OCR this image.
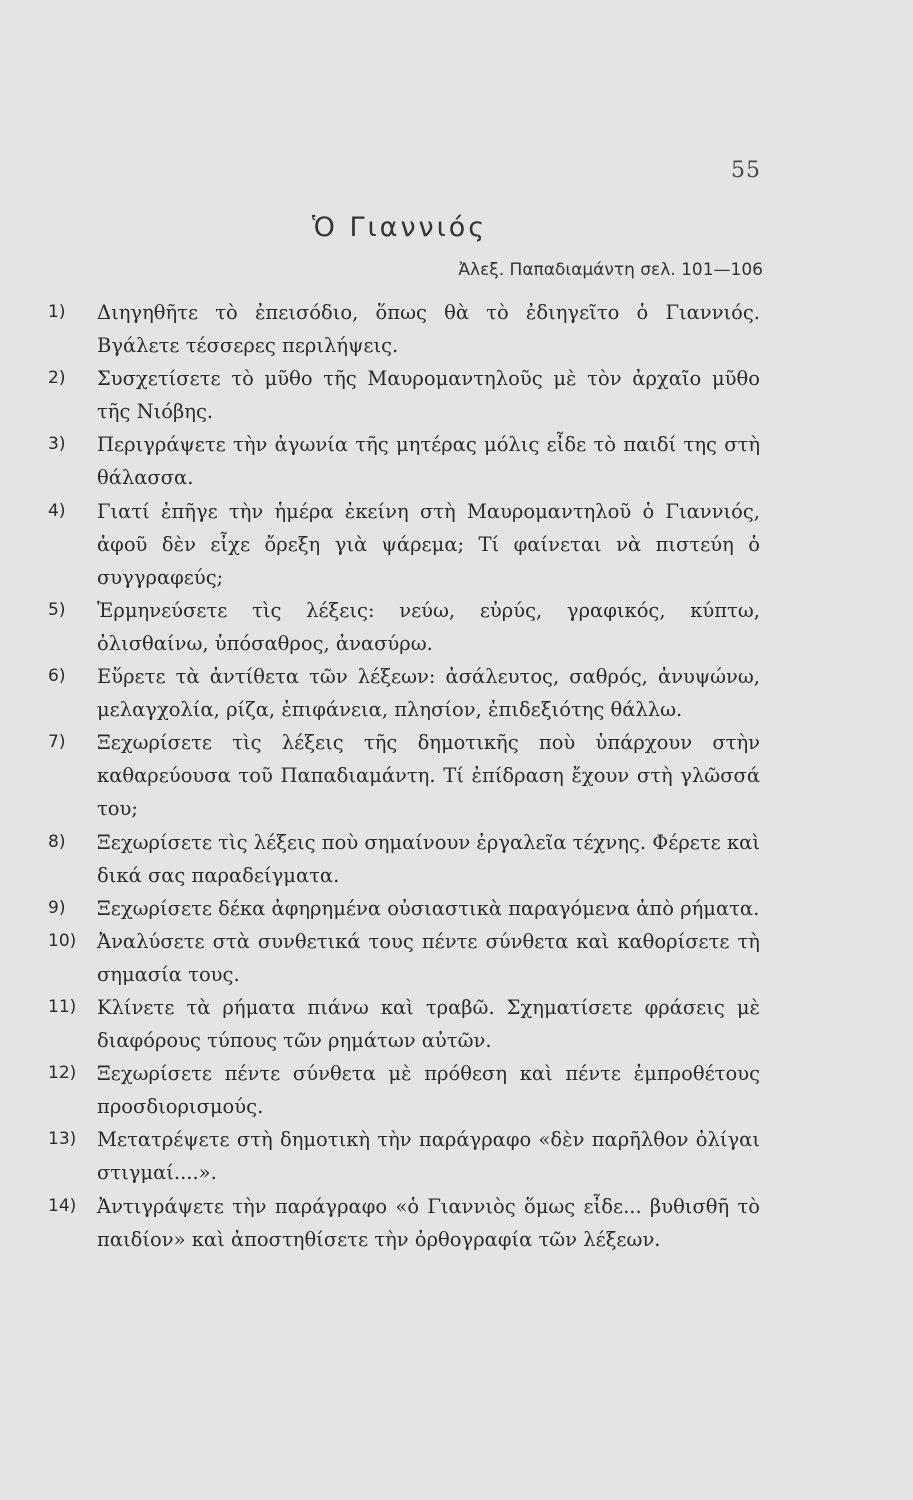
55
Ὁ Γιαννιός
Ἀλεξ. Παπαδιαμάντη σελ. 101—106
1)	Διηγηθῆτε τὸ ἐπεισόδιο, ὅπως θὰ τὸ ἐδιηγεῖτο ὁ Γιαννιός. Βγάλετε τέσσερες περιλήψεις.
2)	Συσχετίσετε τὸ μῦθο τῆς Μαυρομαντηλοῦς μὲ τὸν ἀρχαῖο μῦθο τῆς Νιόβης.
3)	Περιγράψετε τὴν ἀγωνία τῆς μητέρας μόλις εἶδε τὸ παιδί της στὴ θάλασσα.
4)	Γιατί ἐπῆγε τὴν ἡμέρα ἐκείνη στὴ Μαυρομαντηλοῦ ὁ Γιαννιός, ἀφοῦ δὲν εἶχε ὄρεξη γιὰ ψάρεμα; Τί φαίνεται νὰ πιστεύη ὁ συγγραφεύς;
5)	Ἑρμηνεύσετε τὶς λέξεις: νεύω, εὐρύς, γραφικός, κύπτω, ὀλισθαίνω, ὑπόσαθρος, ἀνασύρω.
6)	Εὕρετε τὰ ἀντίθετα τῶν λέξεων: ἀσάλευτος, σαθρός, ἀνυψώνω, μελαγχολία, ρίζα, ἐπιφάνεια, πλησίον, ἐπιδεξιότης θάλλω.
7)	Ξεχωρίσετε τὶς λέξεις τῆς δημοτικῆς ποὺ ὑπάρχουν στὴν καθαρεύουσα τοῦ Παπαδιαμάντη. Τί ἐπίδραση ἔχουν στὴ γλῶσσά του;
8)	Ξεχωρίσετε τὶς λέξεις ποὺ σημαίνουν ἐργαλεῖα τέχνης. Φέρετε καὶ δικά σας παραδείγματα.
9)	Ξεχωρίσετε δέκα ἀφηρημένα οὐσιαστικὰ παραγόμενα ἀπὸ ρήματα.
10)	Ἀναλύσετε στὰ συνθετικά τους πέντε σύνθετα καὶ καθορίσετε τὴ σημασία τους.
11)	Κλίνετε τὰ ρήματα πιάνω καὶ τραβῶ. Σχηματίσετε φράσεις μὲ διαφόρους τύπους τῶν ρημάτων αὐτῶν.
12)	Ξεχωρίσετε πέντε σύνθετα μὲ πρόθεση καὶ πέντε ἐμπροθέτους προσδιορισμούς.
13)	Μετατρέψετε στὴ δημοτικὴ τὴν παράγραφο «δὲν παρῆλθον ὀλίγαι στιγμαί....».
14)	Ἀντιγράψετε τὴν παράγραφο «ὁ Γιαννιὸς ὅμως εἶδε... βυθισθῆ τὸ παιδίον» καὶ ἀποστηθίσετε τὴν ὀρθογραφία τῶν λέξεων.
